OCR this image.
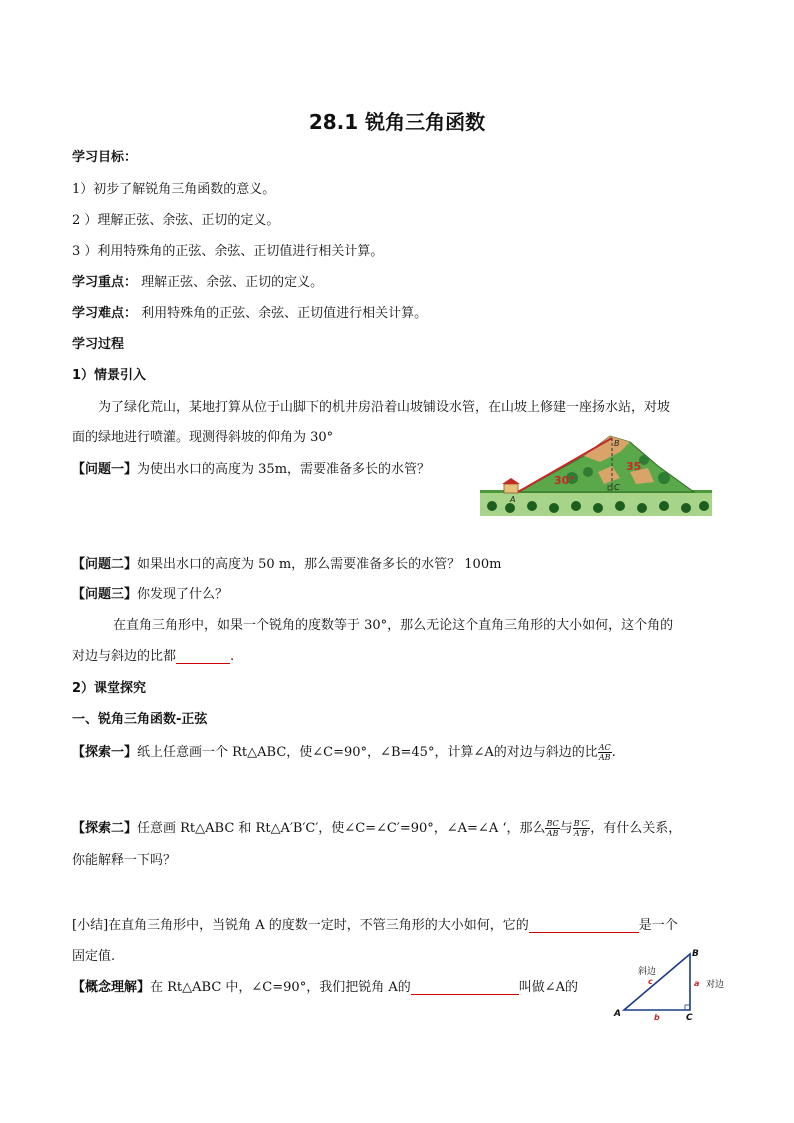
28.1 锐角三角函数
学习目标：
1）初步了解锐角三角函数的意义。
2 ）理解正弦、余弦、正切的定义。
3 ）利用特殊角的正弦、余弦、正切值进行相关计算。
学习重点： 理解正弦、余弦、正切的定义。
学习难点： 利用特殊角的正弦、余弦、正切值进行相关计算。
学习过程
1）情景引入
为了绿化荒山，某地打算从位于山脚下的机井房沿着山坡铺设水管，在山坡上修建一座扬水站，对坡
面的绿地进行喷灌。现测得斜坡的仰角为 30°
【问题一】为使出水口的高度为 35m，需要准备多长的水管？
30°
35
A
B
C
【问题二】如果出水口的高度为 50 m，那么需要准备多长的水管？ 100m
【问题三】你发现了什么？
在直角三角形中，如果一个锐角的度数等于 30°，那么无论这个直角三角形的大小如何，这个角的
对边与斜边的比都	.
2）课堂探究
一、锐角三角函数-正弦
【探索一】纸上任意画一个 Rt△ABC，使∠C=90°，∠B=45°，计算∠A的对边与斜边的比 $\frac{AC}{AB}$ .
【探索二】任意画 Rt△ABC 和 Rt△A′B′C′，使∠C=∠C′=90°，∠A=∠A ‘，那么 $\frac{BC}{AB}$ 与 $\frac{B'C'}{A'B'}$ ，有什么关系，
你能解释一下吗？
[小结]在直角三角形中，当锐角 A 的度数一定时，不管三角形的大小如何，它的	是一个
固定值.
【概念理解】在 Rt△ABC 中，∠C=90°，我们把锐角 A的	叫做∠A的
B
A	C
b
a
c
斜边
对边
